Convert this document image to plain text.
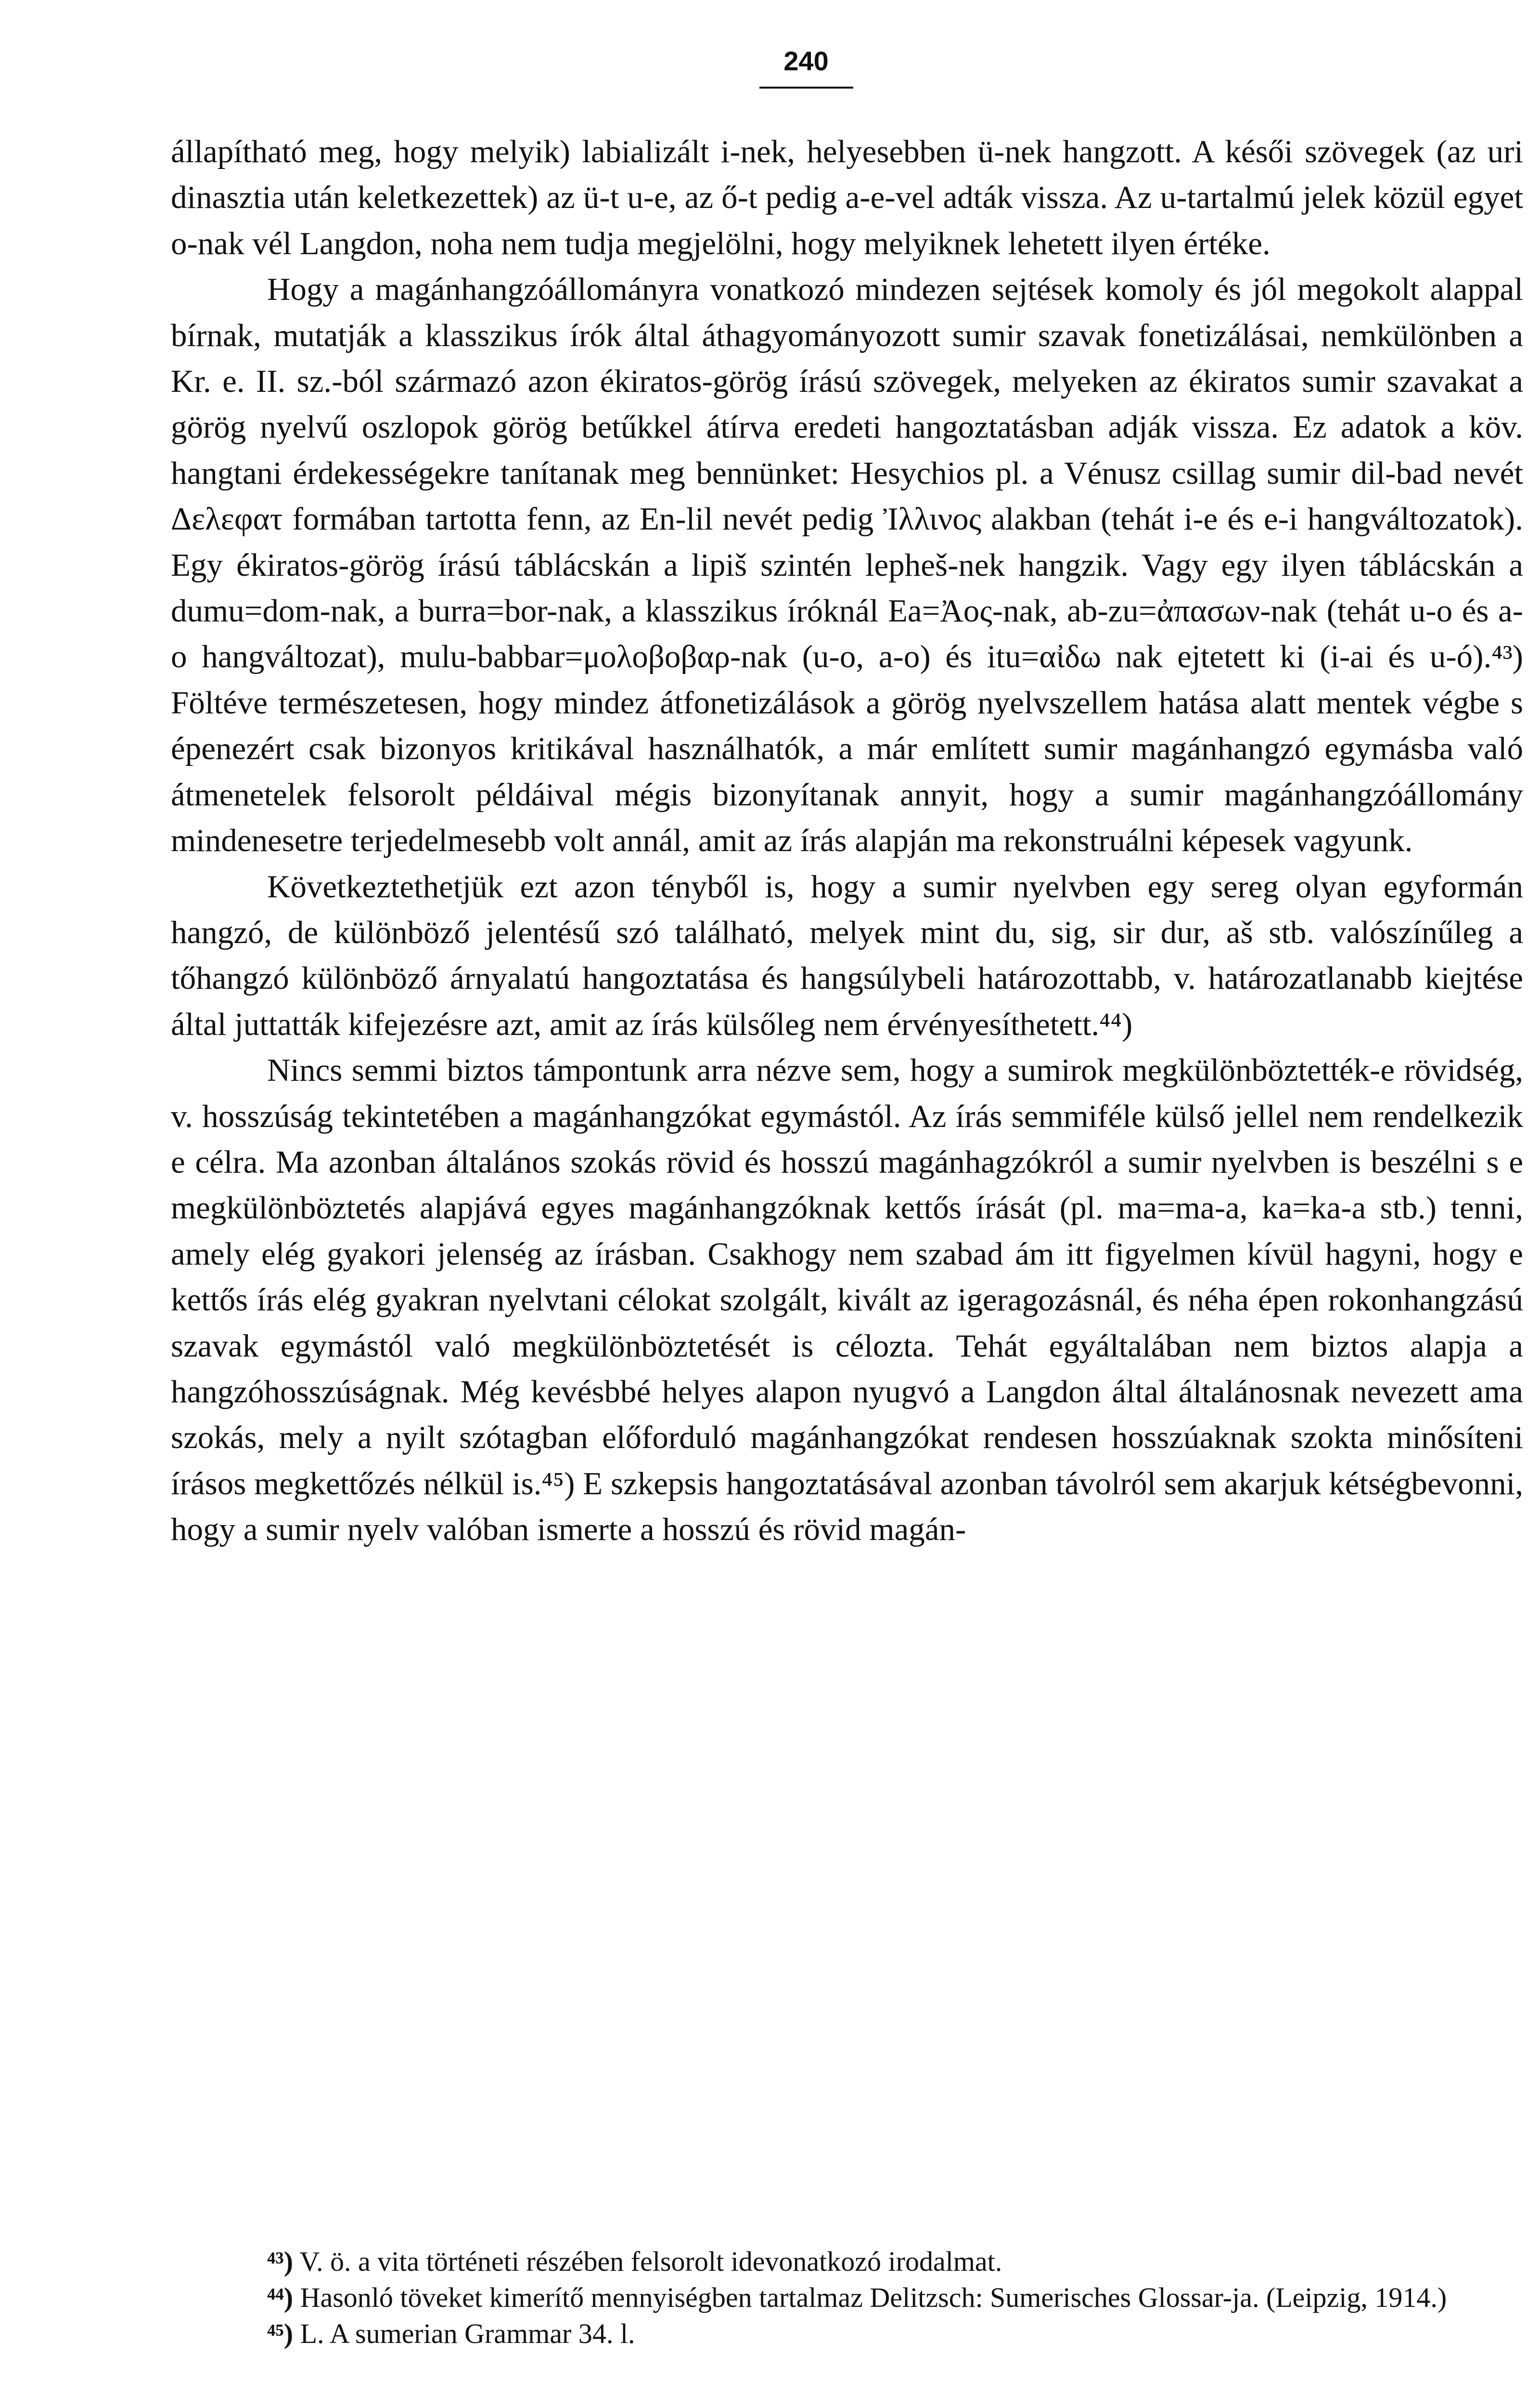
240

állapítható meg, hogy melyik) labializált i-nek, helyesebben ü-nek hangzott. A késői szövegek (az uri dinasztia után keletkezettek) az ü-t u-e, az ő-t pedig a-e-vel adták vissza. Az u-tartalmú jelek közül egyet o-nak vél Langdon, noha nem tudja megjelölni, hogy melyiknek lehetett ilyen értéke.

Hogy a magánhangzóállományra vonatkozó mindezen sejtések komoly és jól megokolt alappal bírnak, mutatják a klasszikus írók által áthagyományozott sumir szavak fonetizálásai, nemkülönben a Kr. e. II. sz.-ból származó azon ékiratos-görög írású szövegek, melyeken az ékiratos sumir szavakat a görög nyelvű oszlopok görög betűkkel átírva eredeti hangoztatásban adják vissza. Ez adatok a köv. hangtani érdekességekre tanítanak meg bennünket: Hesychios pl. a Vénusz csillag sumir dil-bad nevét Δελεφατ formában tartotta fenn, az En-lil nevét pedig Ἰλλινος alakban (tehát i-e és e-i hangváltozatok). Egy ékiratos-görög írású táblácskán a lipiš szintén lepheš-nek hangzik. Vagy egy ilyen táblácskán a dumu=dom-nak, a burra=bor-nak, a klasszikus íróknál Ea=Ἀος-nak, ab-zu=ἀπασων-nak (tehát u-o és a-o hangváltozat), mulu-babbar=μολοβοβαρ-nak (u-o, a-o) és itu=αἰδω nak ejtetett ki (i-ai és u-ó).⁴³) Föltéve természetesen, hogy mindez átfonetizálások a görög nyelvszellem hatása alatt mentek végbe s épenezért csak bizonyos kritikával használhatók, a már említett sumir magánhangzó egymásba való átmenetelek felsorolt példáival mégis bizonyítanak annyit, hogy a sumir magánhangzóállomány mindenesetre terjedelmesebb volt annál, amit az írás alapján ma rekonstruálni képesek vagyunk.

Következtethetjük ezt azon tényből is, hogy a sumir nyelvben egy sereg olyan egyformán hangzó, de különböző jelentésű szó található, melyek mint du, sig, sir dur, aš stb. valószínűleg a tőhangzó különböző árnyalatú hangoztatása és hangsúlybeli határozottabb, v. határozatlanabb kiejtése által juttatták kifejezésre azt, amit az írás külsőleg nem érvényesíthetett.⁴⁴)

Nincs semmi biztos támpontunk arra nézve sem, hogy a sumirok megkülönböztették-e rövidség, v. hosszúság tekintetében a magánhangzókat egymástól. Az írás semmiféle külső jellel nem rendelkezik e célra. Ma azonban általános szokás rövid és hosszú magánhagzókról a sumir nyelvben is beszélni s e megkülönböztetés alapjává egyes magánhangzóknak kettős írását (pl. ma=ma-a, ka=ka-a stb.) tenni, amely elég gyakori jelenség az írásban. Csakhogy nem szabad ám itt figyelmen kívül hagyni, hogy e kettős írás elég gyakran nyelvtani célokat szolgált, kivált az igeragozásnál, és néha épen rokonhangzású szavak egymástól való megkülönböztetését is célozta. Tehát egyáltalában nem biztos alapja a hangzóhosszúságnak. Még kevésbbé helyes alapon nyugvó a Langdon által általánosnak nevezett ama szokás, mely a nyilt szótagban előforduló magánhangzókat rendesen hosszúaknak szokta minősíteni írásos megkettőzés nélkül is.⁴⁵) E szkepsis hangoztatásával azonban távolról sem akarjuk kétségbevonni, hogy a sumir nyelv valóban ismerte a hosszú és rövid magán-

⁴³) V. ö. a vita történeti részében felsorolt idevonatkozó irodalmat.

⁴⁴) Hasonló töveket kimerítő mennyiségben tartalmaz Delitzsch: Sumerisches Glossar-ja. (Leipzig, 1914.)

⁴⁵) L. A sumerian Grammar 34. l.
